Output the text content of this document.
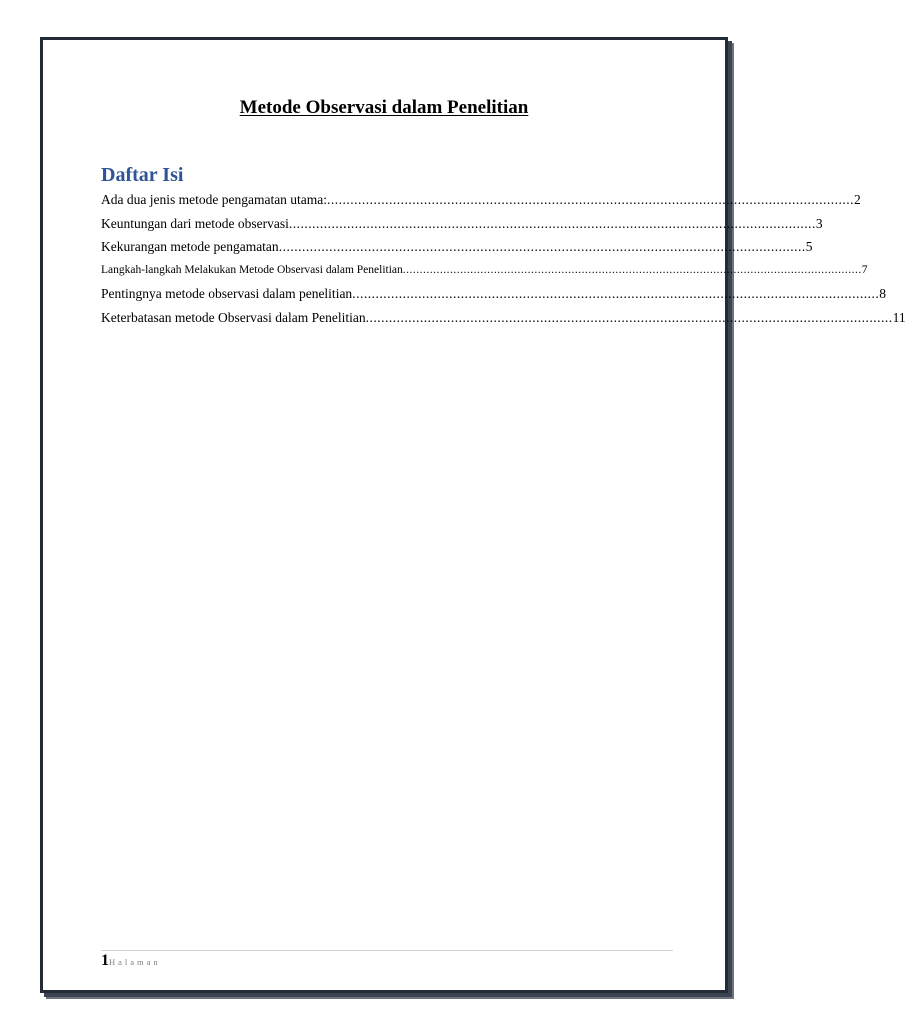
Metode Observasi dalam Penelitian
Daftar Isi
Ada dua jenis metode pengamatan utama: ........................................................................................................................................ 2
Keuntungan dari metode observasi ........................................................................................................................................ 3
Kekurangan metode pengamatan ........................................................................................................................................ 5
Langkah-langkah Melakukan Metode Observasi dalam Penelitian ........................................................................................................................................ 7
Pentingnya metode observasi dalam penelitian ........................................................................................................................................ 8
Keterbatasan metode Observasi dalam Penelitian ........................................................................................................................................ 11
1Halaman
